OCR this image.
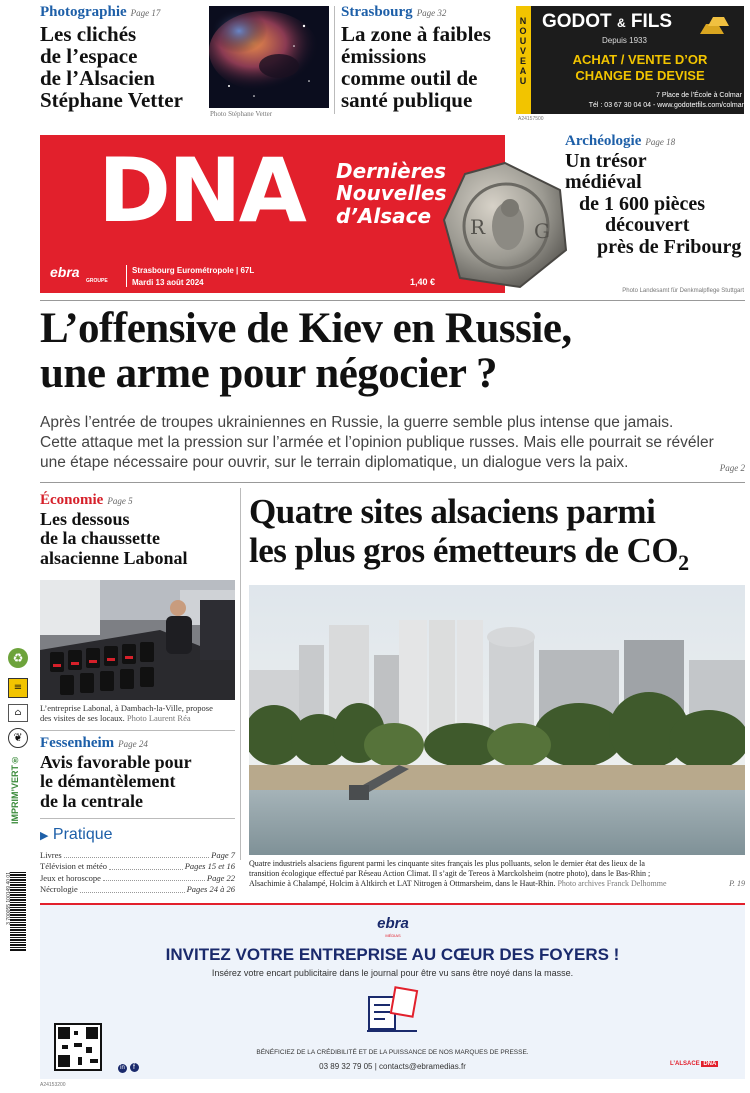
Photographie Page 17
Les clichés
de l’espace
de l’Alsacien
Stéphane Vetter
Photo Stéphane Vetter
Strasbourg Page 32
La zone à faibles
émissions
comme outil de
santé publique
NOUVEAU GODOT & FILS
Depuis 1933
ACHAT / VENTE D’OR
CHANGE DE DEVISE
7 Place de l’École à Colmar
Tél : 03 67 30 04 04 - www.godotetfils.com/colmar
A24157500
DNA Dernières
Nouvelles
d’Alsace
ebra
GROUPE
Strasbourg Eurométropole | 67L
Mardi 13 août 2024	1,40 €
R G
Archéologie Page 18
Un trésor
médiéval
de 1 600 pièces
découvert
près de Fribourg
Photo Landesamt für Denkmalpflege Stuttgart
L’offensive de Kiev en Russie,
une arme pour négocier ?
Après l’entrée de troupes ukrainiennes en Russie, la guerre semble plus intense que jamais.
Cette attaque met la pression sur l’armée et l’opinion publique russes. Mais elle pourrait se révéler
une étape nécessaire pour ouvrir, sur le terrain diplomatique, un dialogue vers la paix.	Page 2
Économie Page 5
Les dessous
de la chaussette
alsacienne Labonal
L’entreprise Labonal, à Dambach-la-Ville, propose
des visites de ses locaux. Photo Laurent Réa
Fessenheim Page 24
Avis favorable pour
le démantèlement
de la centrale
▶ Pratique
Livres	Page 7
Télévision et météo	Pages 15 et 16
Jeux et horoscope	Page 22
Nécrologie	Pages 24 à 26
Quatre sites alsaciens parmi
les plus gros émetteurs de $CO_2$
Quatre industriels alsaciens figurent parmi les cinquante sites français les plus polluants, selon le dernier état des lieux de la
transition écologique effectué par Réseau Action Climat. Il s’agit de Tereos à Marckolsheim (notre photo), dans le Bas-Rhin ;
Alsachimie à Chalampé, Holcim à Altkirch et LAT Nitrogen à Ottmarsheim, dans le Haut-Rhin. Photo archives Franck Delhomme	P. 19
♻
≡
⌂
❦
IMPRIM’VERT®
3 700055 100149 40 01	ebra
MÉDIAS
INVITEZ VOTRE ENTREPRISE AU CŒUR DES FOYERS !
Insérez votre encart publicitaire dans le journal pour être vu sans être noyé dans la masse.
in f
BÉNÉFICIEZ DE LA CRÉDIBILITÉ ET DE LA PUISSANCE DE NOS MARQUES DE PRESSE.
03 89 32 79 05 | contacts@ebramedias.fr	L’ALSACE DNA
A24153200
